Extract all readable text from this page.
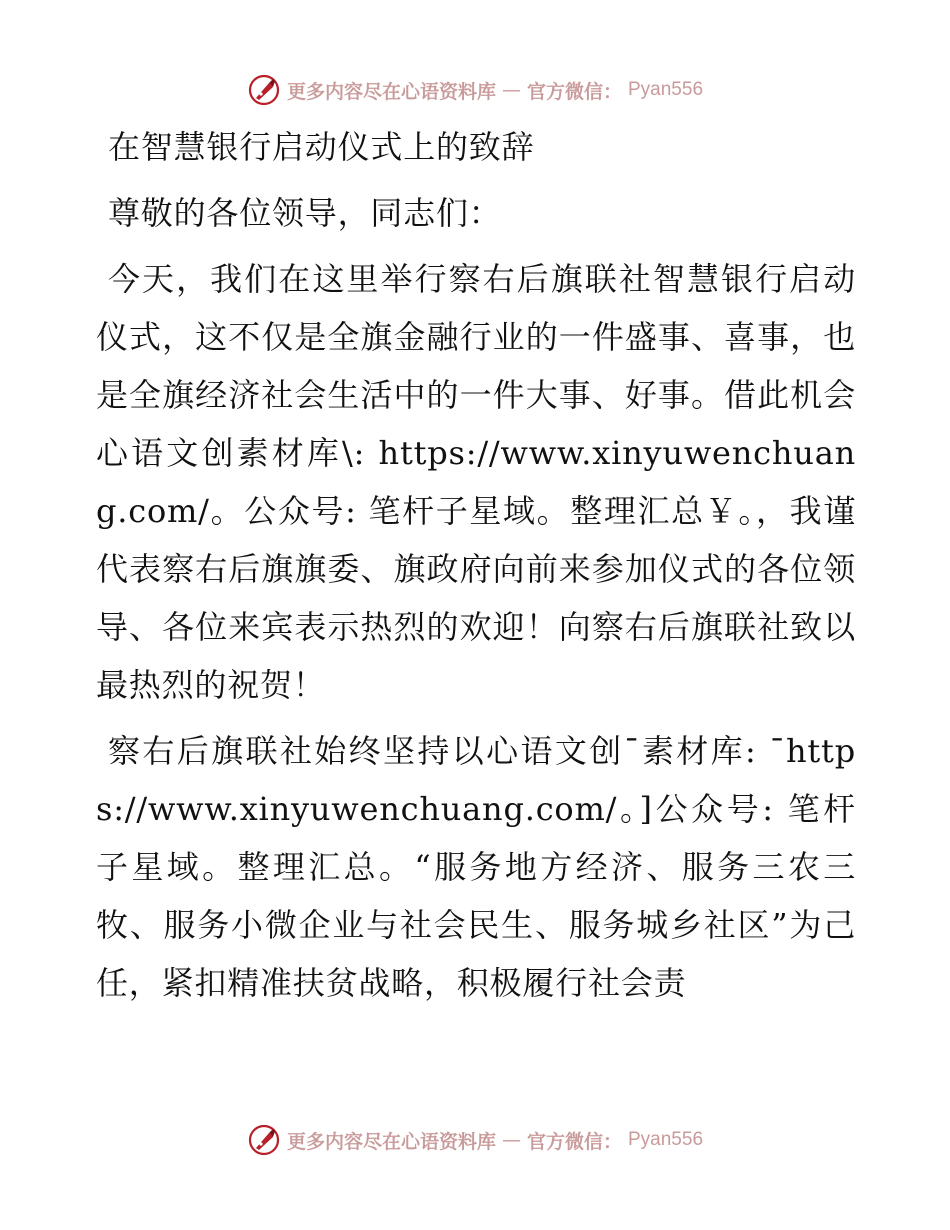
更多内容尽在心语资料库 — 官方微信： Pyan556

在智慧银行启动仪式上的致辞

尊敬的各位领导，同志们：

今天，我们在这里举行察右后旗联社智慧银行启动仪式，这不仅是全旗金融行业的一件盛事、喜事，也是全旗经济社会生活中的一件大事、好事。借此机会心语文创素材库\: https://www.xinyuwenchuang.com/。公众号: 笔杆子星域。整理汇总￥。，我谨代表察右后旗旗委、旗政府向前来参加仪式的各位领导、各位来宾表示热烈的欢迎！向察右后旗联社致以最热烈的祝贺！

察右后旗联社始终坚持以心语文创¯素材库: ¯https://www.xinyuwenchuang.com/。]公众号: 笔杆子星域。整理汇总。“服务地方经济、服务三农三牧、服务小微企业与社会民生、服务城乡社区”为己任，紧扣精准扶贫战略，积极履行社会责

更多内容尽在心语资料库 — 官方微信： Pyan556
